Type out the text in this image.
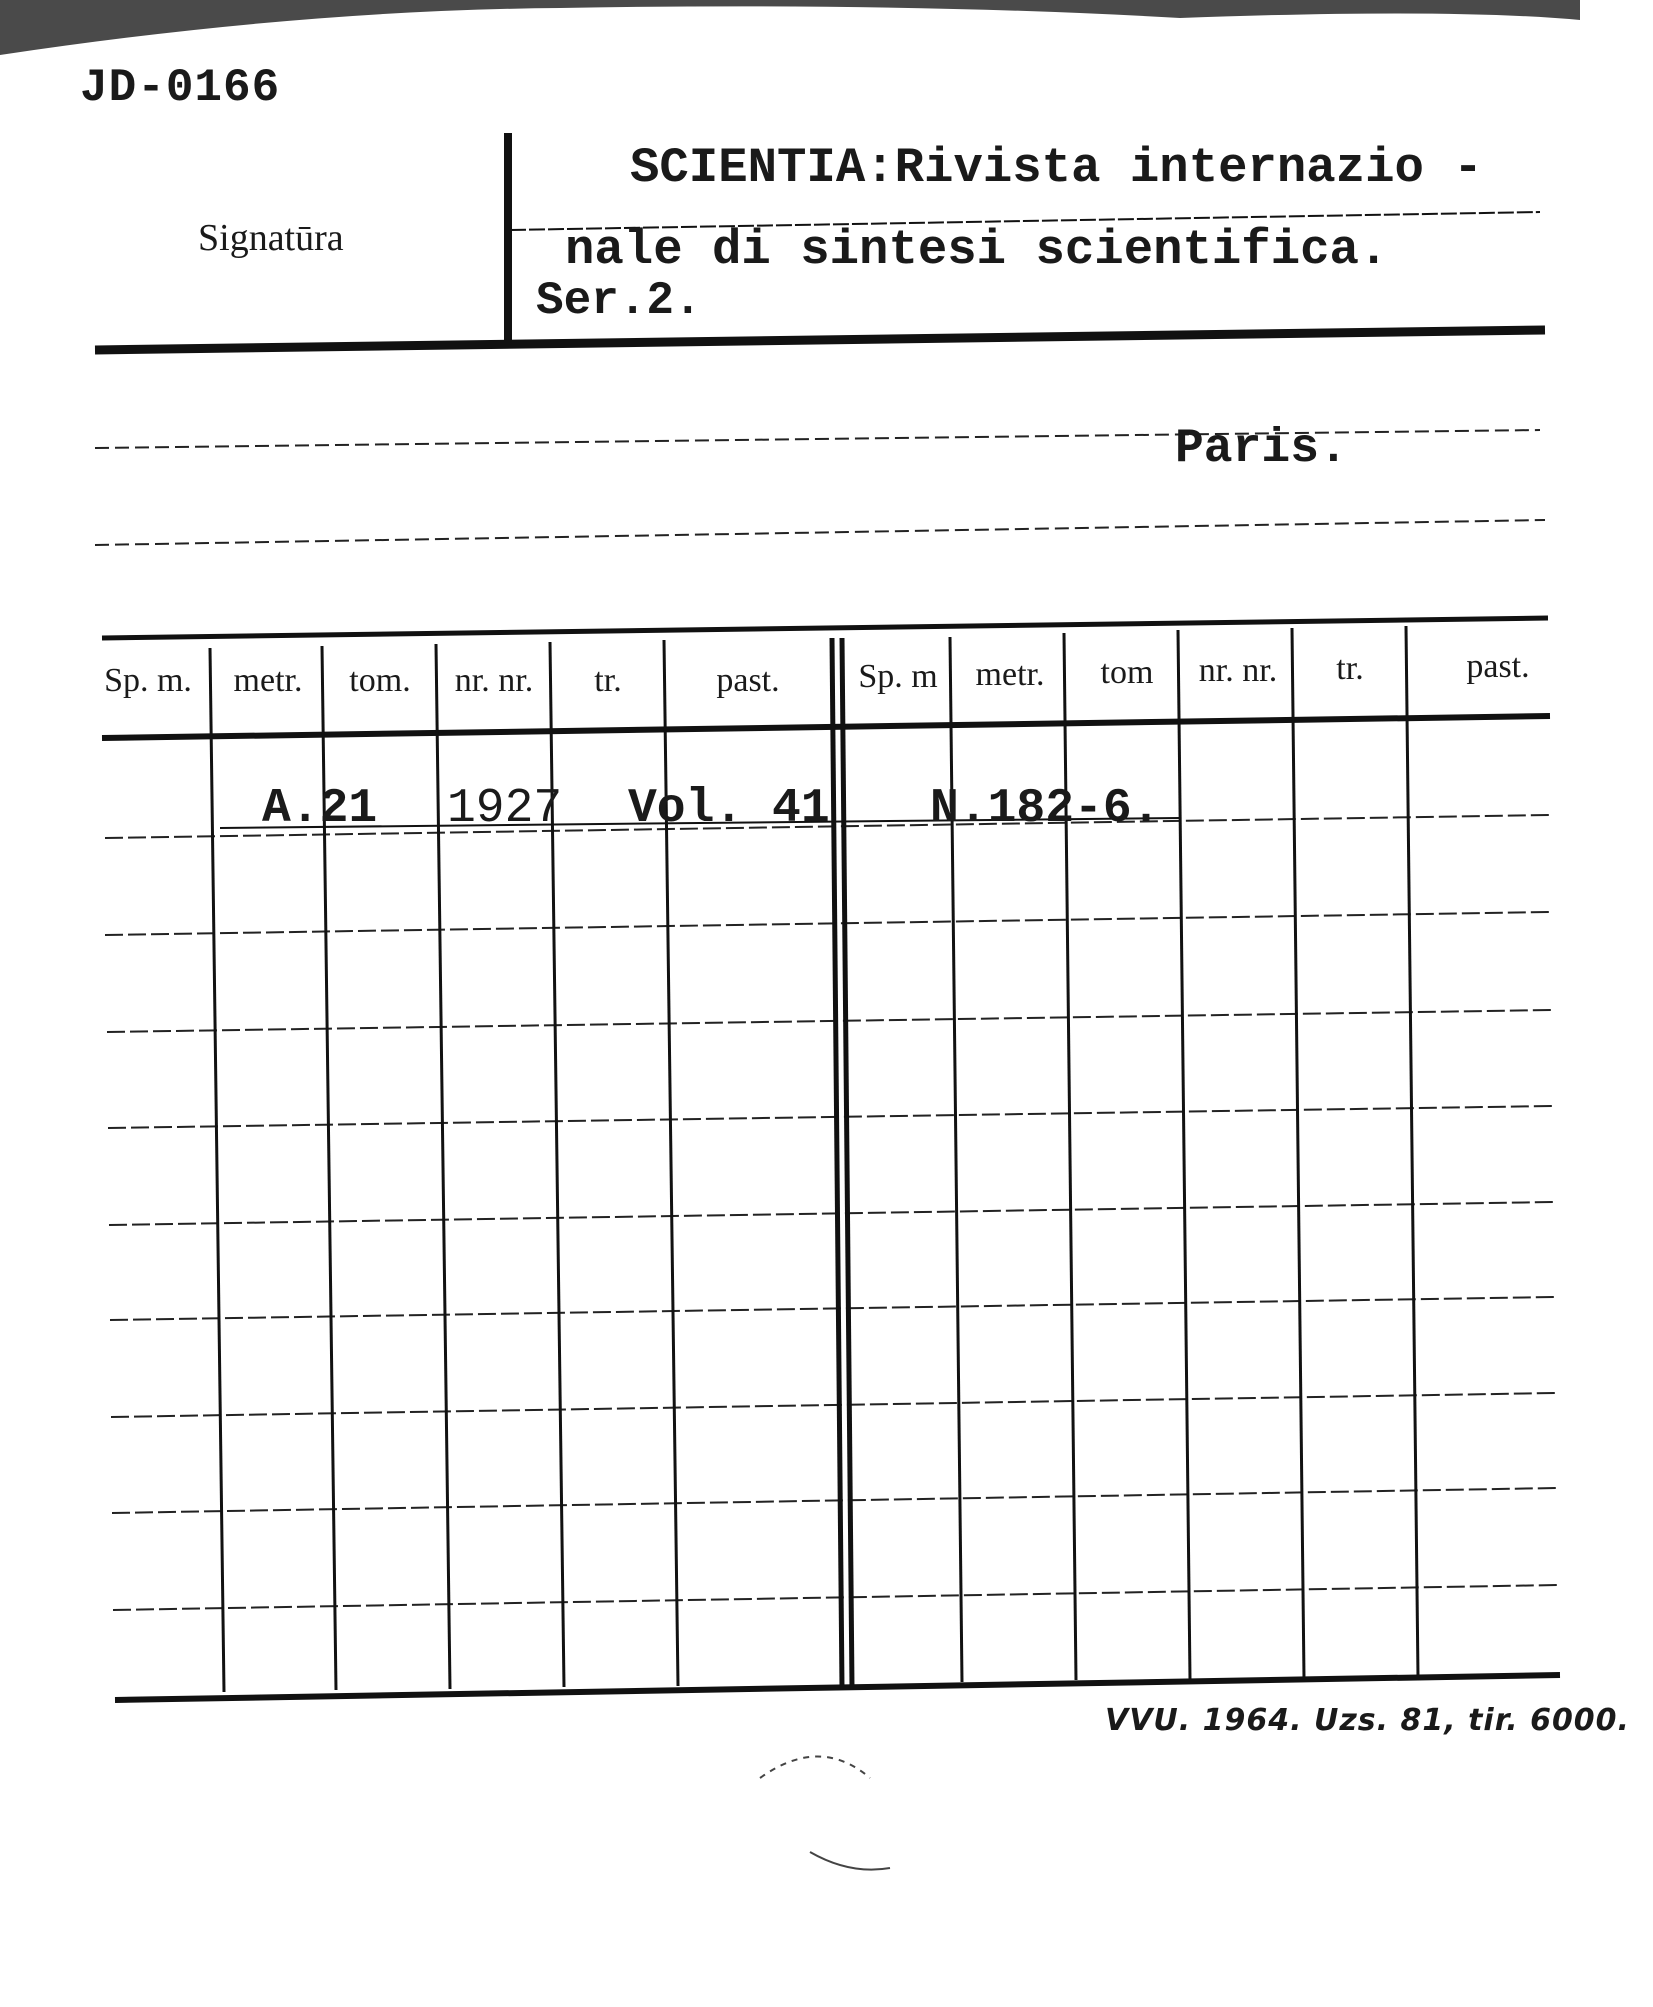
JD-0166
Signatūra
SCIENTIA:Rivista internazio -
nale di sintesi scientifica.
Ser.2.
Paris.
Sp. m. metr. tom. nr. nr. tr.	past. Sp. m metr. tom nr. nr. tr.	past.
A.21 1927 Vol. 41 N.182-6.
VVU. 1964. Uzs. 81, tir. 6000.
